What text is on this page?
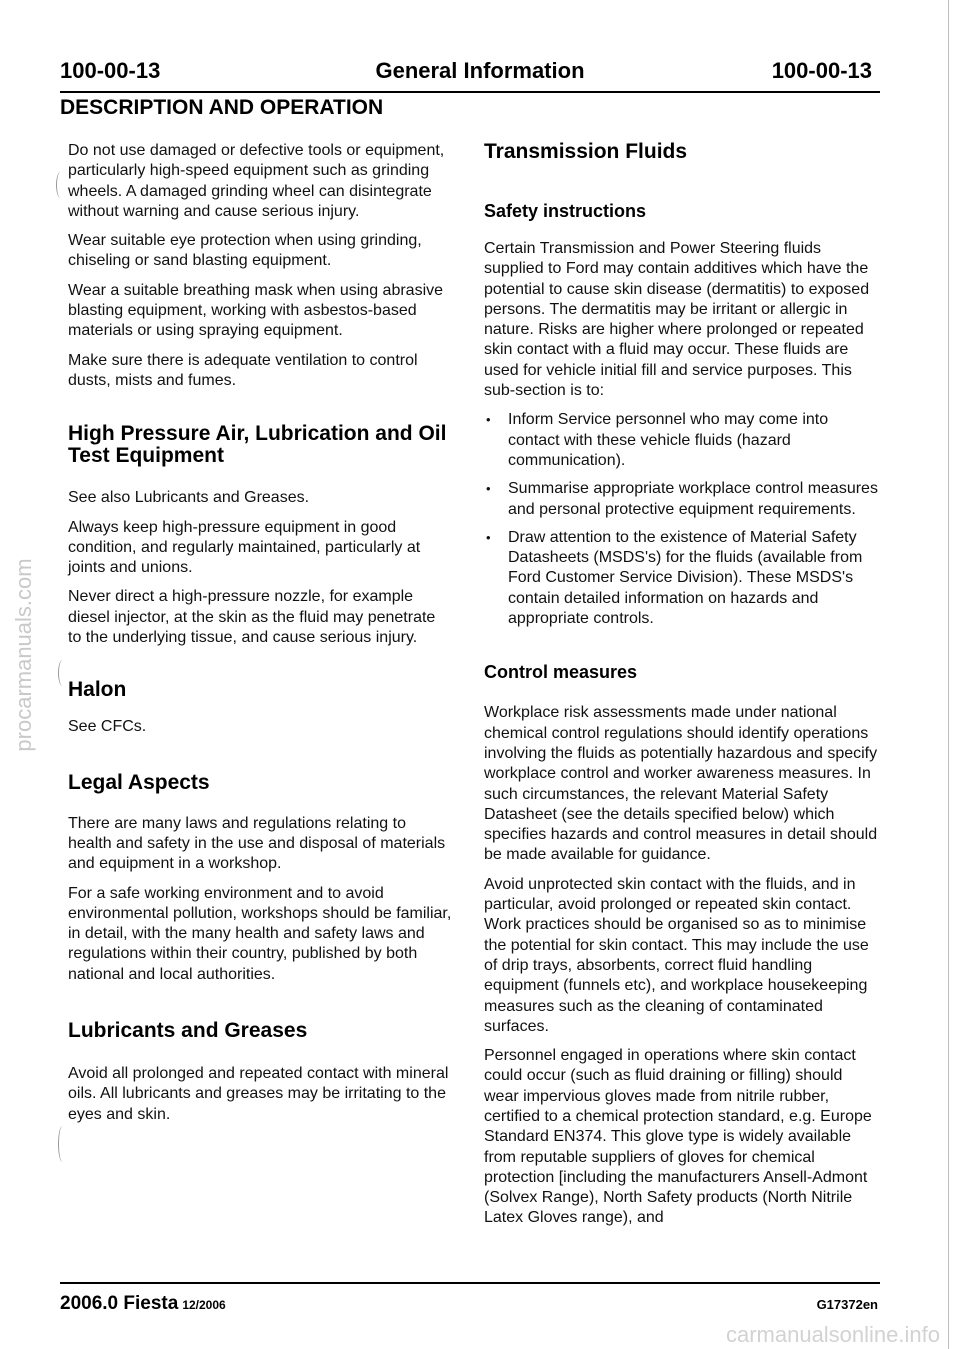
100-00-13	General Information	100-00-13
DESCRIPTION AND OPERATION

Do not use damaged or defective tools or equipment, particularly high-speed equipment such as grinding wheels. A damaged grinding wheel can disintegrate without warning and cause serious injury.

Wear suitable eye protection when using grinding, chiseling or sand blasting equipment.

Wear a suitable breathing mask when using abrasive blasting equipment, working with asbestos-based materials or using spraying equipment.

Make sure there is adequate ventilation to control dusts, mists and fumes.

High Pressure Air, Lubrication and Oil Test Equipment

See also Lubricants and Greases.

Always keep high-pressure equipment in good condition, and regularly maintained, particularly at joints and unions.

Never direct a high-pressure nozzle, for example diesel injector, at the skin as the fluid may penetrate to the underlying tissue, and cause serious injury.

Halon

See CFCs.

Legal Aspects

There are many laws and regulations relating to health and safety in the use and disposal of materials and equipment in a workshop.

For a safe working environment and to avoid environmental pollution, workshops should be familiar, in detail, with the many health and safety laws and regulations within their country, published by both national and local authorities.

Lubricants and Greases

Avoid all prolonged and repeated contact with mineral oils. All lubricants and greases may be irritating to the eyes and skin.

Transmission Fluids
Safety instructions

Certain Transmission and Power Steering fluids supplied to Ford may contain additives which have the potential to cause skin disease (dermatitis) to exposed persons. The dermatitis may be irritant or allergic in nature. Risks are higher where prolonged or repeated skin contact with a fluid may occur. These fluids are used for vehicle initial fill and service purposes. This sub-section is to:

• Inform Service personnel who may come into contact with these vehicle fluids (hazard communication).
• Summarise appropriate workplace control measures and personal protective equipment requirements.
• Draw attention to the existence of Material Safety Datasheets (MSDS's) for the fluids (available from Ford Customer Service Division). These MSDS's contain detailed information on hazards and appropriate controls.
Control measures

Workplace risk assessments made under national chemical control regulations should identify operations involving the fluids as potentially hazardous and specify workplace control and worker awareness measures. In such circumstances, the relevant Material Safety Datasheet (see the details specified below) which specifies hazards and control measures in detail should be made available for guidance.

Avoid unprotected skin contact with the fluids, and in particular, avoid prolonged or repeated skin contact. Work practices should be organised so as to minimise the potential for skin contact. This may include the use of drip trays, absorbents, correct fluid handling equipment (funnels etc), and workplace housekeeping measures such as the cleaning of contaminated surfaces.

Personnel engaged in operations where skin contact could occur (such as fluid draining or filling) should wear impervious gloves made from nitrile rubber, certified to a chemical protection standard, e.g. Europe Standard EN374. This glove type is widely available from reputable suppliers of gloves for chemical protection [including the manufacturers Ansell-Admont (Solvex Range), North Safety products (North Nitrile Latex Gloves range), and

2006.0 Fiesta 12/2006	G17372en
procarmanuals.com
carmanualsonline.info
